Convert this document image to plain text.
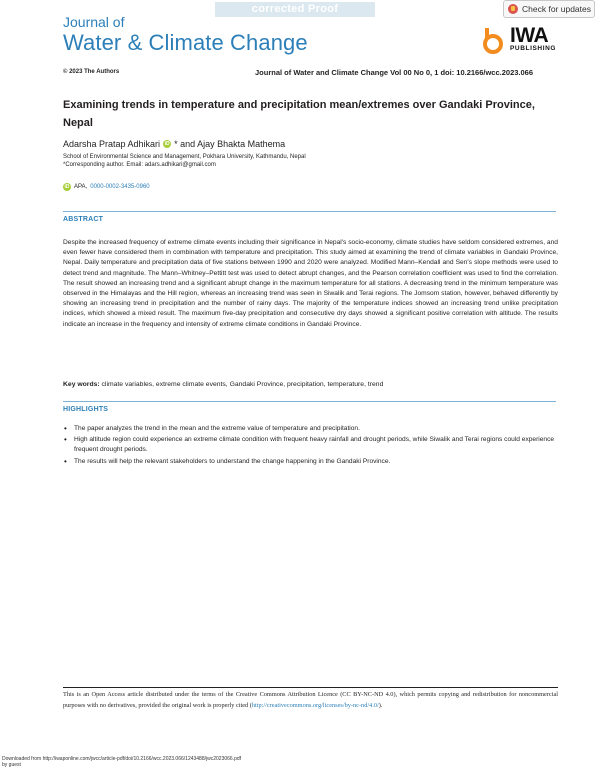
corrected Proof
Journal of
Water & Climate Change
Check for updates
IWA
PUBLISHING
© 2023 The Authors	Journal of Water and Climate Change Vol 00 No 0, 1 doi: 10.2166/wcc.2023.066
Examining trends in temperature and precipitation mean/extremes over Gandaki Province, Nepal
Adarsha Pratap Adhikari iD * and Ajay Bhakta Mathema
School of Environmental Science and Management, Pokhara University, Kathmandu, Nepal
*Corresponding author. Email: adars.adhikari@gmail.com
iD APA, 0000-0002-3435-0960
ABSTRACT
Despite the increased frequency of extreme climate events including their significance in Nepal's socio-economy, climate studies have seldom considered extremes, and even fewer have considered them in combination with temperature and precipitation. This study aimed at examining the trend of climate variables in Gandaki Province, Nepal. Daily temperature and precipitation data of five stations between 1990 and 2020 were analyzed. Modified Mann–Kendall and Sen's slope methods were used to detect trend and magnitude. The Mann–Whitney–Pettitt test was used to detect abrupt changes, and the Pearson correlation coefficient was used to find the correlation. The result showed an increasing trend and a significant abrupt change in the maximum temperature for all stations. A decreasing trend in the minimum temperature was observed in the Himalayas and the Hill region, whereas an increasing trend was seen in Siwalik and Terai regions. The Jomsom station, however, behaved differently by showing an increasing trend in precipitation and the number of rainy days. The majority of the temperature indices showed an increasing trend unlike precipitation indices, which showed a mixed result. The maximum five-day precipitation and consecutive dry days showed a significant positive correlation with altitude. The results indicate an increase in the frequency and intensity of extreme climate conditions in Gandaki Province.
Key words: climate variables, extreme climate events, Gandaki Province, precipitation, temperature, trend
HIGHLIGHTS
• The paper analyzes the trend in the mean and the extreme value of temperature and precipitation.
• High altitude region could experience an extreme climate condition with frequent heavy rainfall and drought periods, while Siwalik and Terai regions could experience frequent drought periods.
• The results will help the relevant stakeholders to understand the change happening in the Gandaki Province.
This is an Open Access article distributed under the terms of the Creative Commons Attribution Licence (CC BY-NC-ND 4.0), which permits copying and redistribution for noncommercial purposes with no derivatives, provided the original work is properly cited (http://creativecommons.org/licenses/by-nc-nd/4.0/).
Downloaded from http://iwaponline.com/jwcc/article-pdf/doi/10.2166/wcc.2023.066/1243488/jwc2023066.pdf
by guest
